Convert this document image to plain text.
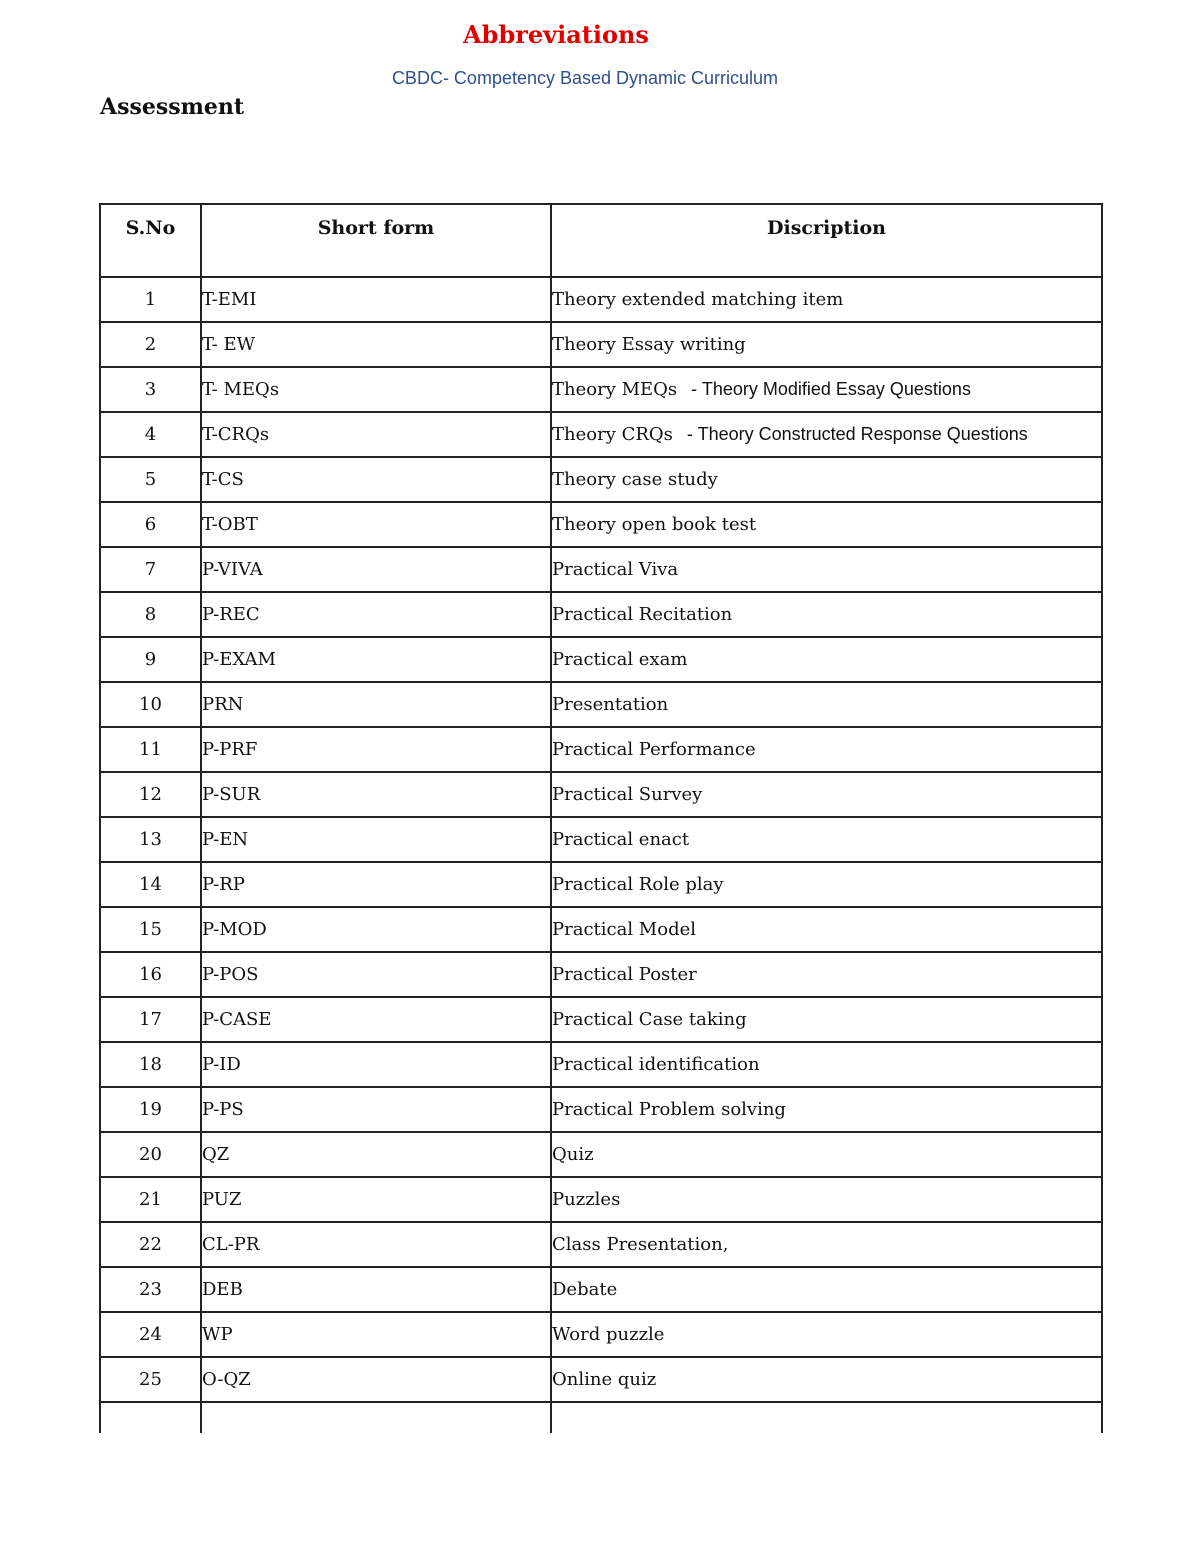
Abbreviations
CBDC- Competency Based Dynamic Curriculum
Assessment
S.No	Short form	Discription
1	T-EMI	Theory extended matching item
2	T- EW	Theory Essay writing
3	T- MEQs	Theory MEQs - Theory Modified Essay Questions
4	T-CRQs	Theory CRQs - Theory Constructed Response Questions
5	T-CS	Theory case study
6	T-OBT	Theory open book test
7	P-VIVA	Practical Viva
8	P-REC	Practical Recitation
9	P-EXAM	Practical exam
10	PRN	Presentation
11	P-PRF	Practical Performance
12	P-SUR	Practical Survey
13	P-EN	Practical enact
14	P-RP	Practical Role play
15	P-MOD	Practical Model
16	P-POS	Practical Poster
17	P-CASE	Practical Case taking
18	P-ID	Practical identification
19	P-PS	Practical Problem solving
20	QZ	Quiz
21	PUZ	Puzzles
22	CL-PR	Class Presentation,
23	DEB	Debate
24	WP	Word puzzle
25	O-QZ	Online quiz
